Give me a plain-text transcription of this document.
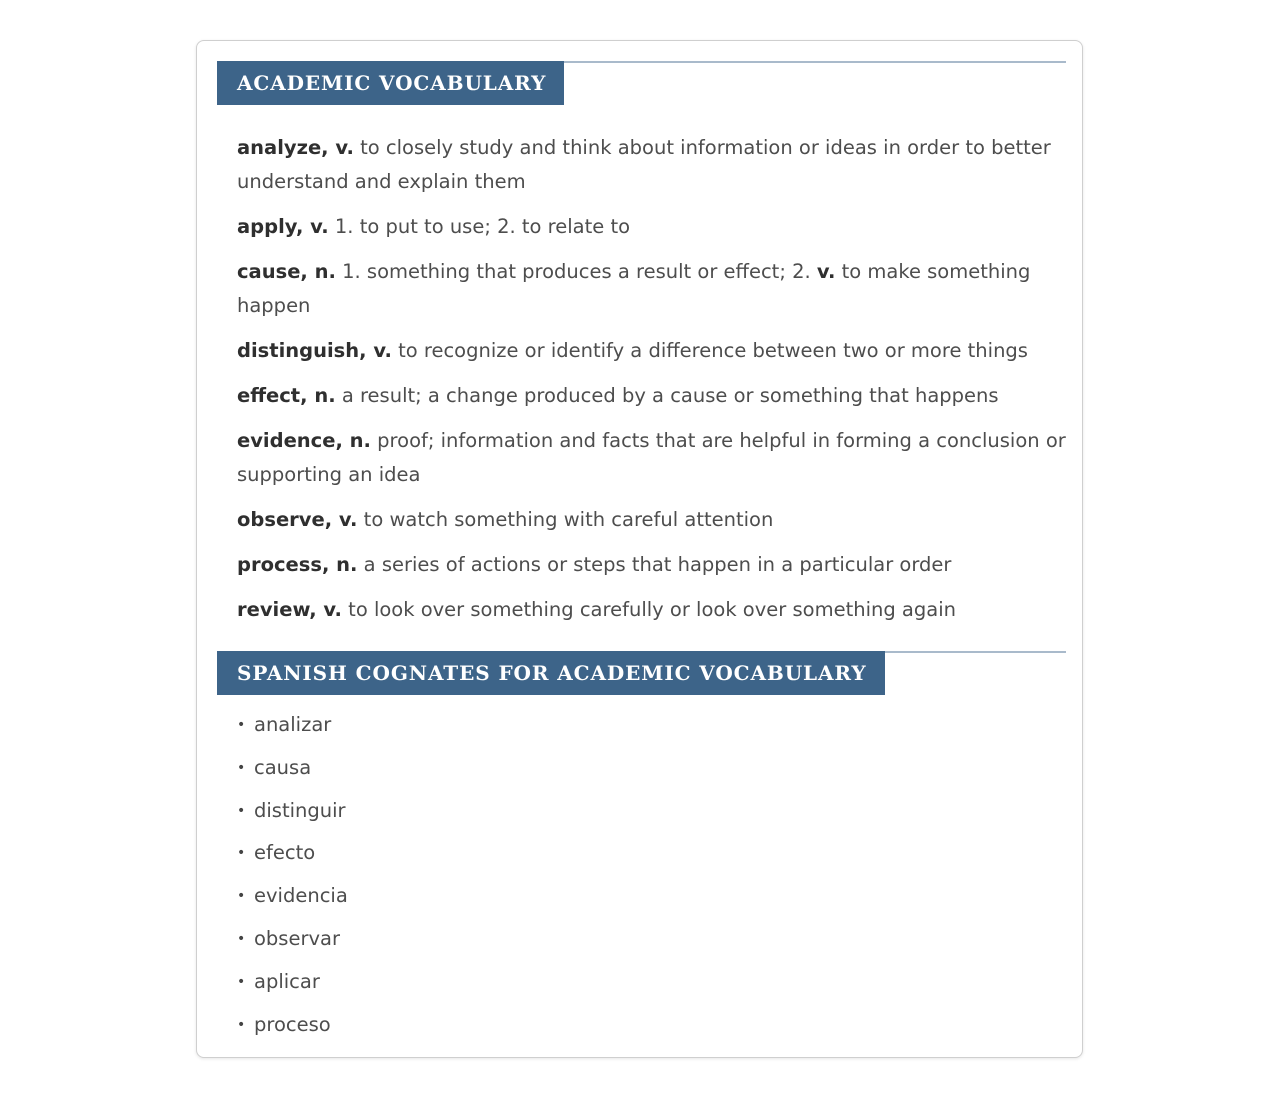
ACADEMIC VOCABULARY
analyze, v. to closely study and think about information or ideas in order to better understand and explain them
apply, v. 1. to put to use; 2. to relate to
cause, n. 1. something that produces a result or effect; 2. v. to make something happen
distinguish, v. to recognize or identify a difference between two or more things
effect, n. a result; a change produced by a cause or something that happens
evidence, n. proof; information and facts that are helpful in forming a conclusion or supporting an idea
observe, v. to watch something with careful attention
process, n. a series of actions or steps that happen in a particular order
review, v. to look over something carefully or look over something again
SPANISH COGNATES FOR ACADEMIC VOCABULARY
• analizar
• causa
• distinguir
• efecto
• evidencia
• observar
• aplicar
• proceso
